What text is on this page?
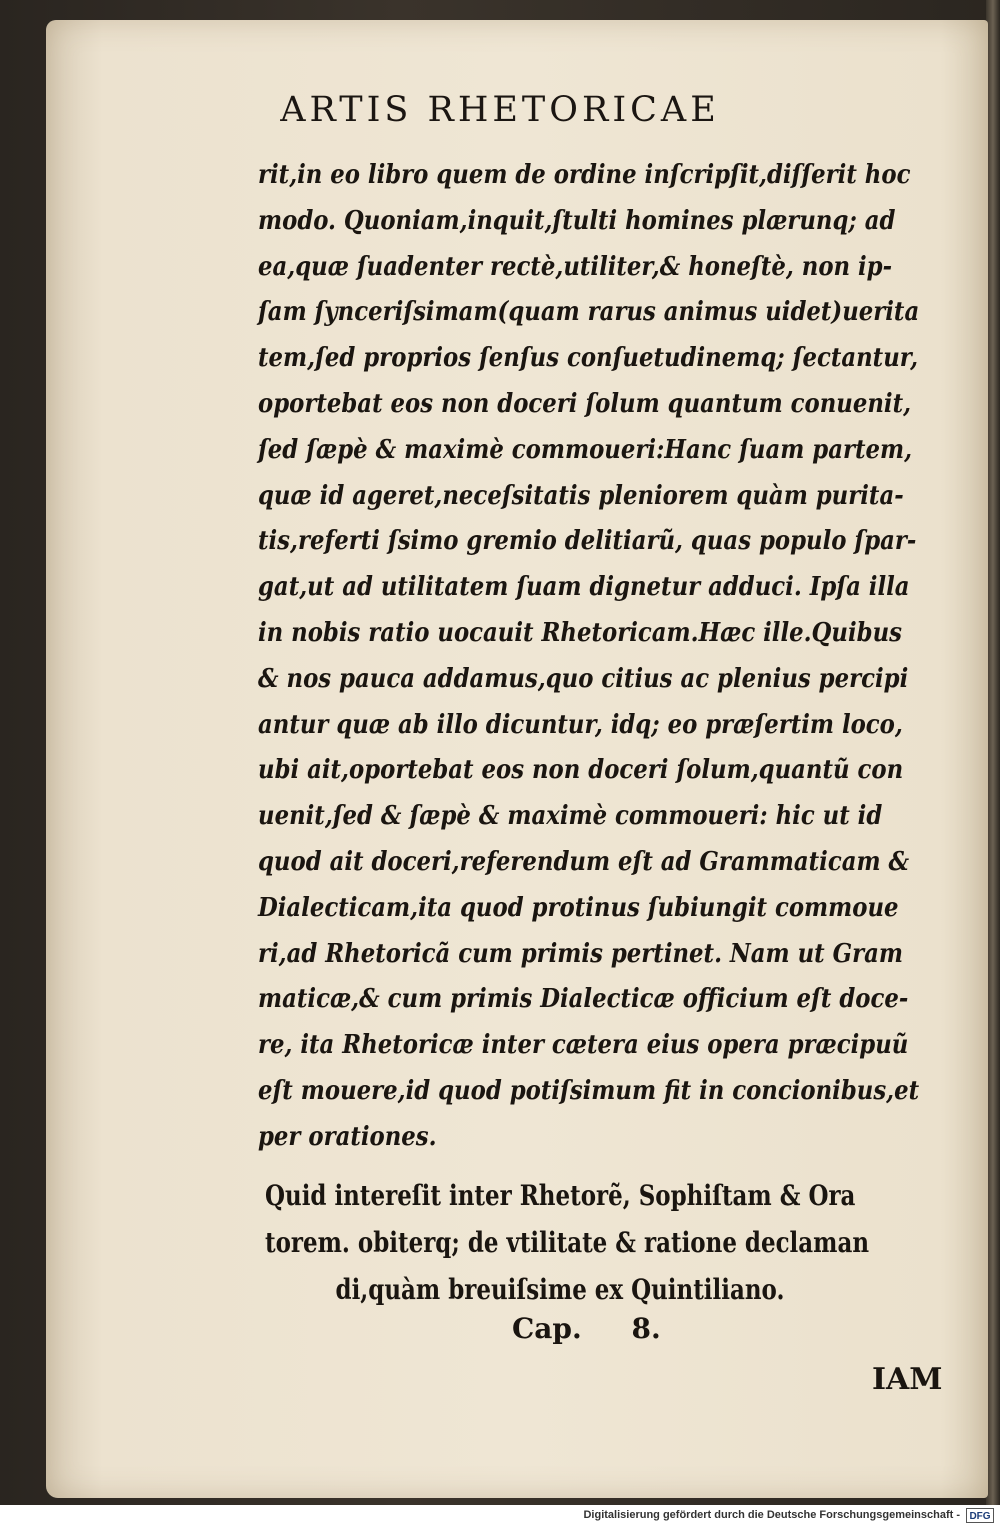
ARTIS RHETORICAE
rit,in eo libro quem de ordine inſcripſit,diſſerit hoc
modo. Quoniam,inquit,ſtulti homines plærunq; ad
ea,quæ ſuadenter rectè,utiliter,& honeſtè, non ip-
ſam ſynceriſsimam(quam rarus animus uidet)uerita
tem,ſed proprios ſenſus conſuetudinemq; ſectantur,
oportebat eos non doceri ſolum quantum conuenit,
ſed ſæpè & maximè commoueri:Hanc ſuam partem,
quæ id ageret,neceſsitatis pleniorem quàm purita-
tis,referti ſsimo gremio delitiarũ, quas populo ſpar-
gat,ut ad utilitatem ſuam dignetur adduci. Ipſa illa
in nobis ratio uocauit Rhetoricam.Hæc ille.Quibus
& nos pauca addamus,quo citius ac plenius percipi
antur quæ ab illo dicuntur, idq; eo præſertim loco,
ubi ait,oportebat eos non doceri ſolum,quantũ con
uenit,ſed & ſæpè & maximè commoueri: hic ut id
quod ait doceri,referendum eſt ad Grammaticam &
Dialecticam,ita quod protinus ſubiungit commoue
ri,ad Rhetoricã cum primis pertinet. Nam ut Gram
maticæ,& cum primis Dialecticæ officium eſt doce-
re, ita Rhetoricæ inter cætera eius opera præcipuũ
eſt mouere,id quod potiſsimum fit in concionibus,et
per orationes.
Quid intereſit inter Rhetorẽ, Sophiſtam & Ora
torem. obiterq; de vtilitate & ratione declaman
di,quàm breuiſsime ex Quintiliano.
Cap. 8.
IAM
Digitalisierung gefördert durch die Deutsche Forschungsgemeinschaft - DFG
